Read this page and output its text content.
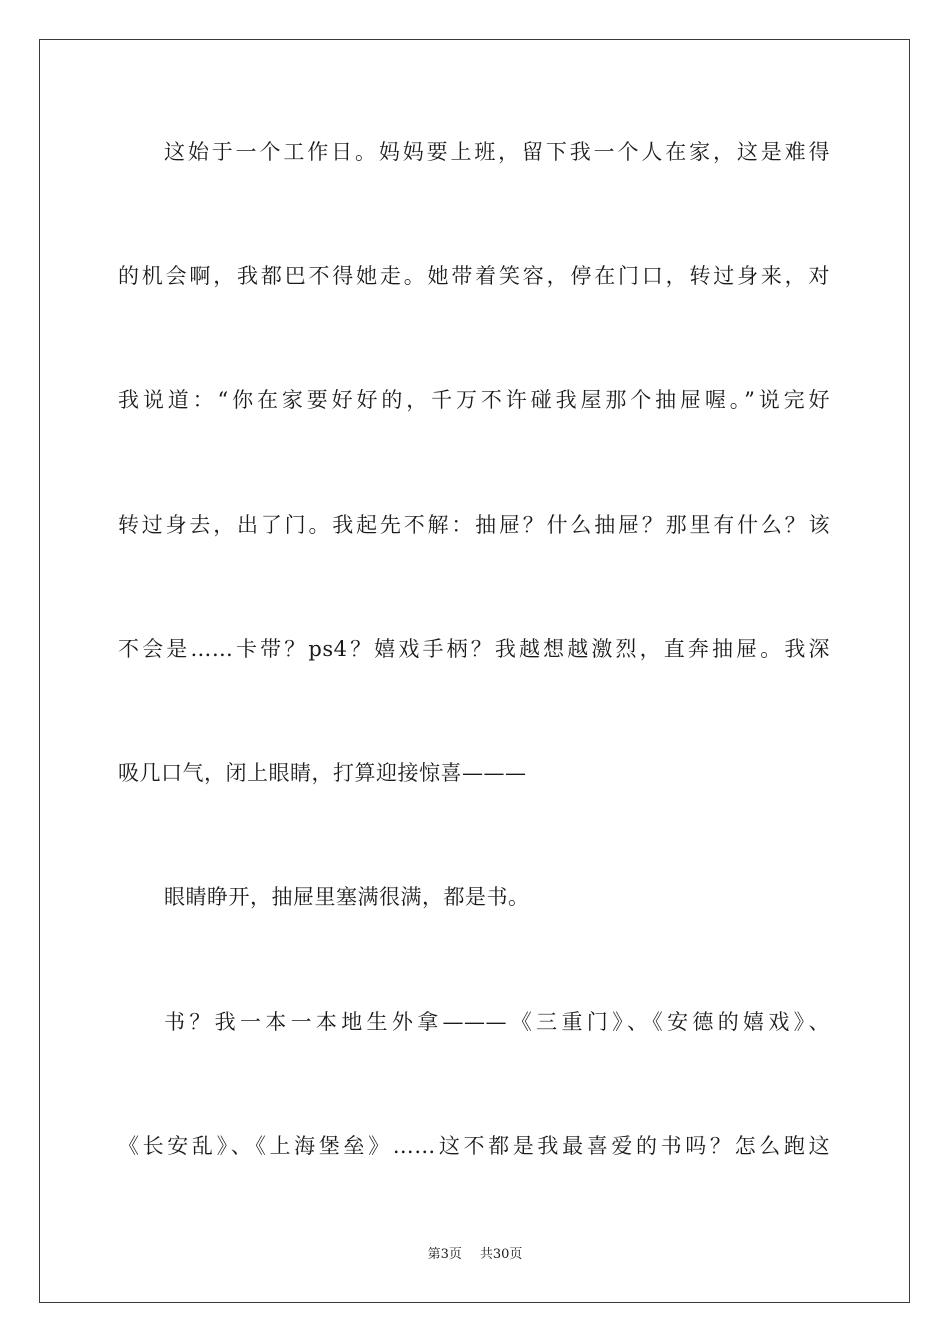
这始于一个工作日。妈妈要上班，留下我一个人在家，这是难得
的机会啊，我都巴不得她走。她带着笑容，停在门口，转过身来，对
我说道：“你在家要好好的，千万不许碰我屋那个抽屉喔。”说完好
转过身去，出了门。我起先不解：抽屉？什么抽屉？那里有什么？该
不会是……卡带？ps4？嬉戏手柄？我越想越激烈，直奔抽屉。我深
吸几口气，闭上眼睛，打算迎接惊喜———
眼睛睁开，抽屉里塞满很满，都是书。
书？我一本一本地生外拿———《三重门》、《安德的嬉戏》、
《长安乱》、《上海堡垒》……这不都是我最喜爱的书吗？怎么跑这
第3页 共30页
